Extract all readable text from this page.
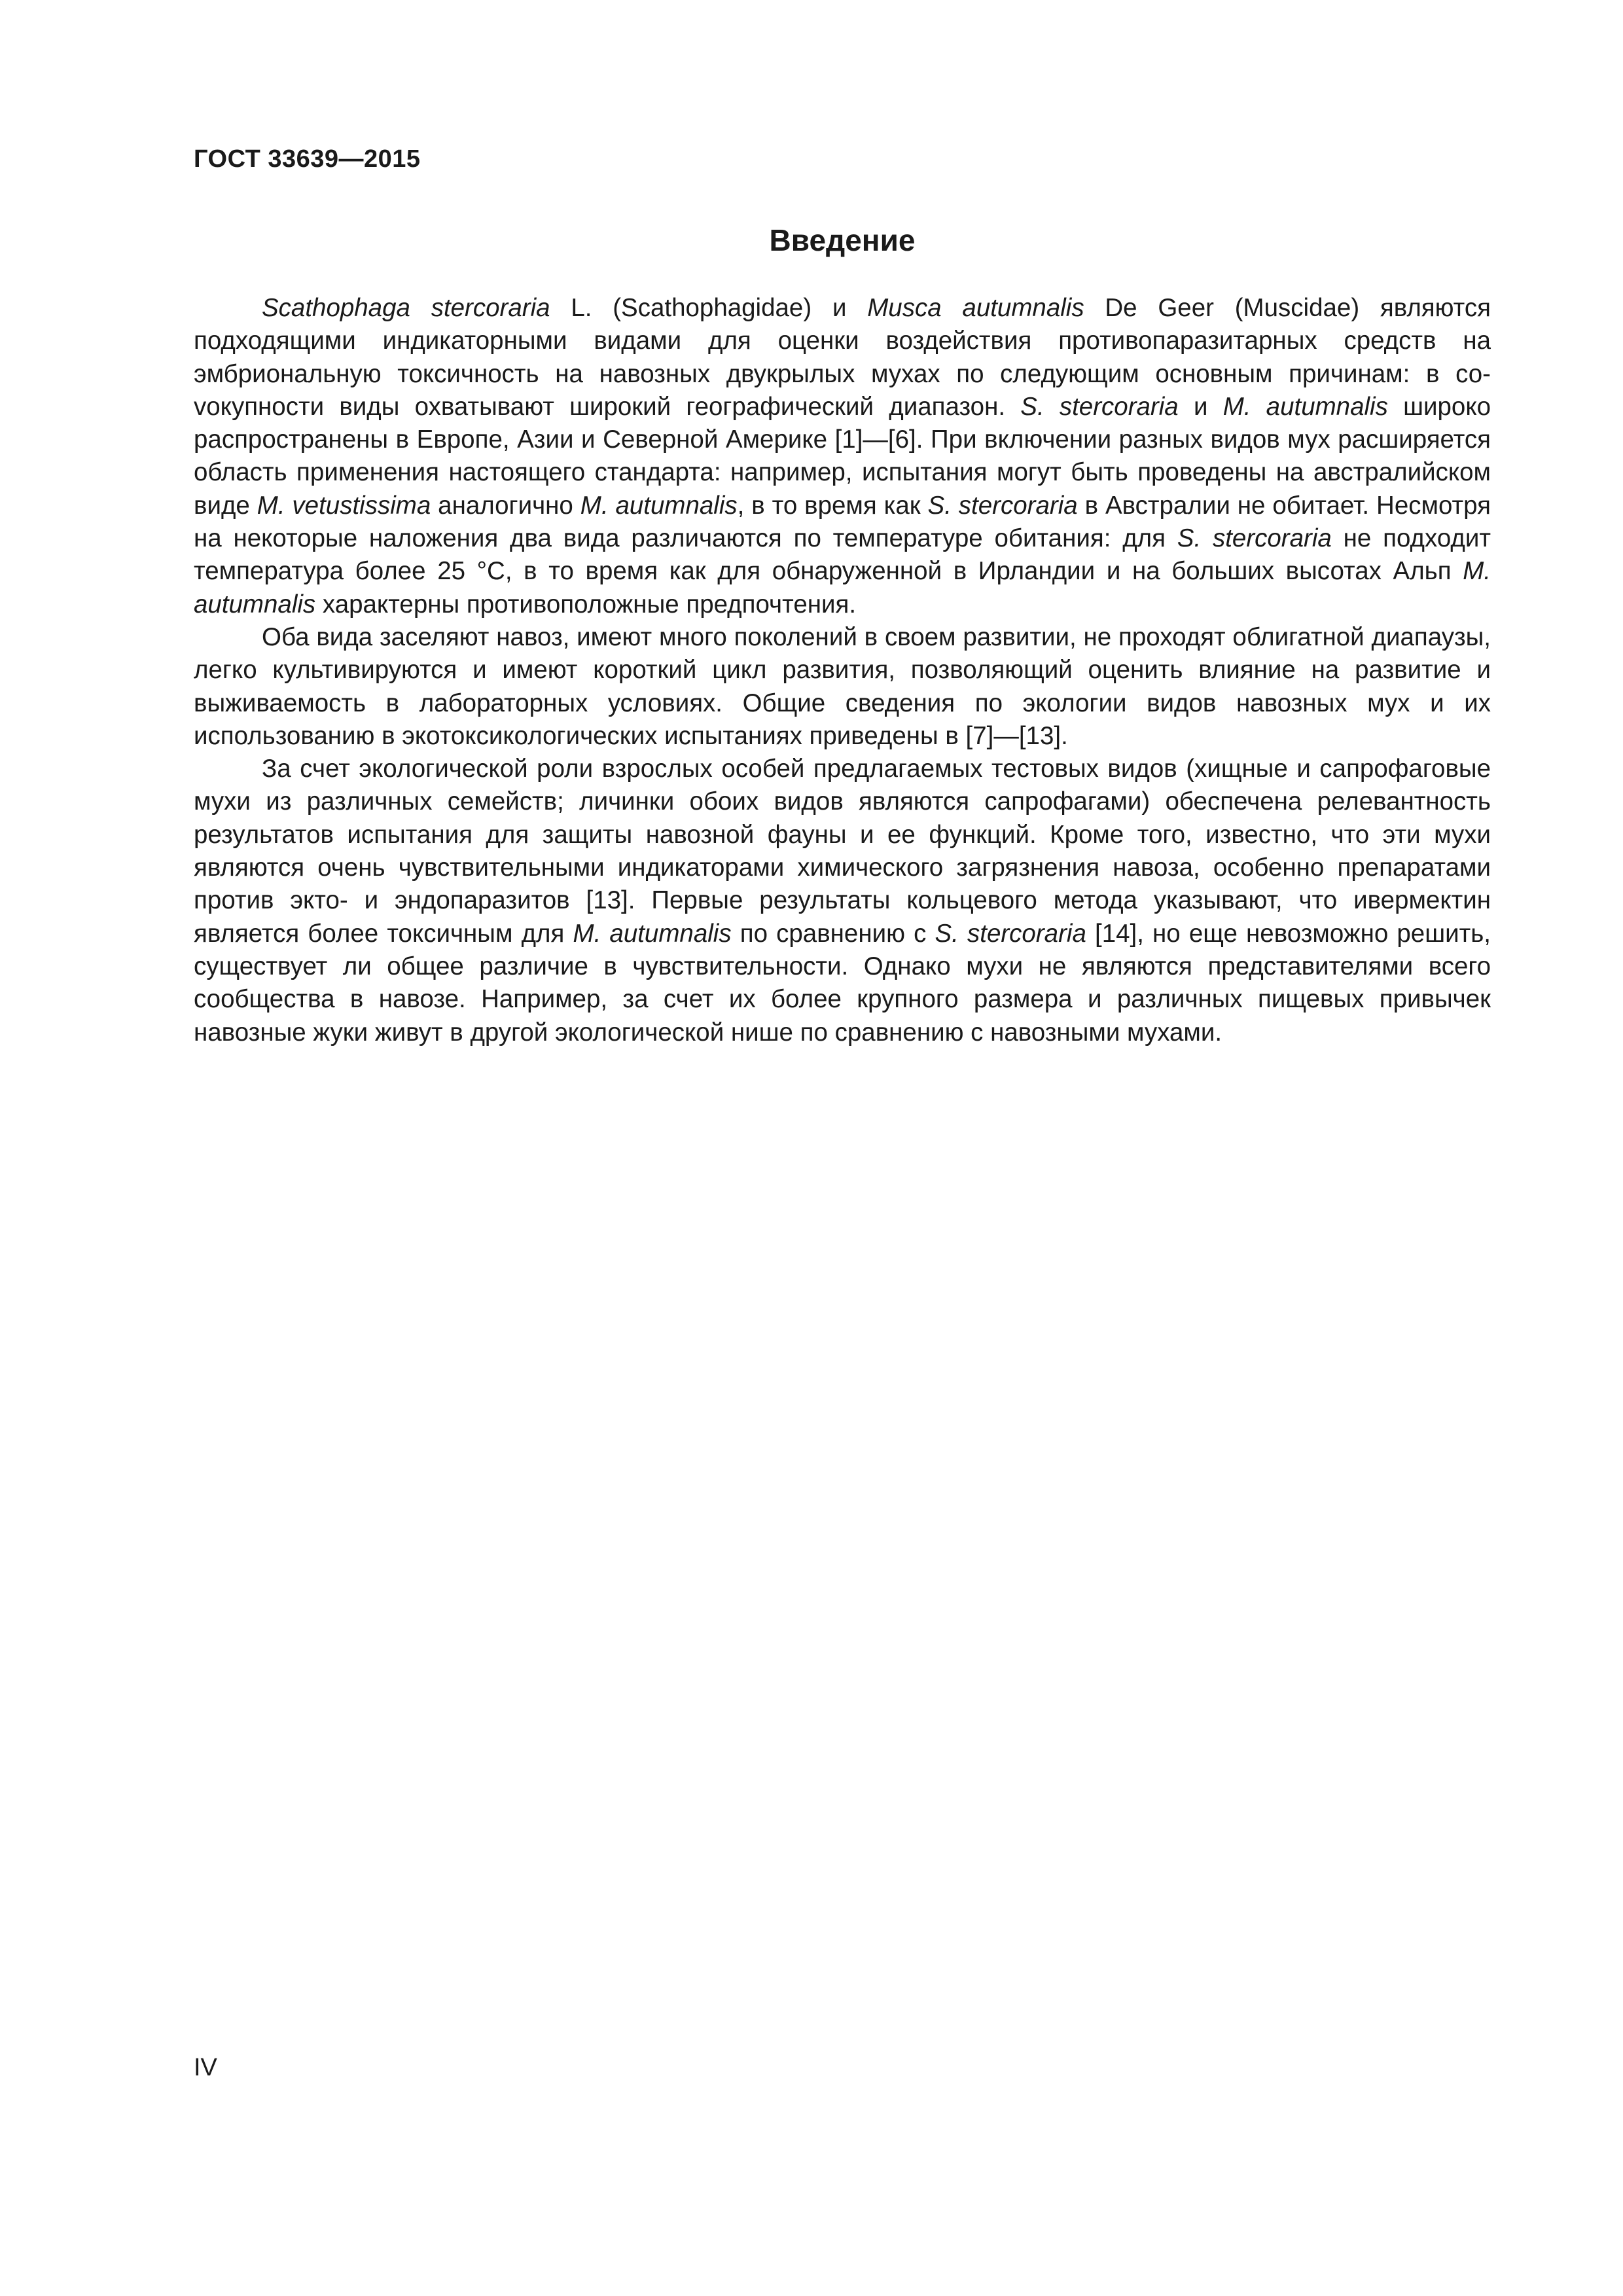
ГОСТ 33639—2015
Введение

Scathophaga stercoraria L. (Scathophagidae) и Musca autumnalis De Geer (Muscidae) являются подходящими индикаторными видами для оценки воздействия противопаразитарных средств на эмбриональную токсичность на навозных двукрылых мухах по следующим основным причинам: в соvокупности виды охватывают широкий географический диапазон. S. stercoraria и M. autumnalis широко распространены в Европе, Азии и Северной Америке [1]—[6]. При включении разных видов мух расширяется область применения настоящего стандарта: например, испытания могут быть проведены на австралийском виде M. vetustissima аналогично M. autumnalis, в то время как S. stercoraria в Австралии не обитает. Несмотря на некоторые наложения два вида различаются по температуре обитания: для S. stercoraria не подходит температура более 25 °С, в то время как для обнаруженной в Ирландии и на больших высотах Альп M. autumnalis характерны противоположные предпочтения.

Оба вида заселяют навоз, имеют много поколений в своем развитии, не проходят облигатной диапаузы, легко культивируются и имеют короткий цикл развития, позволяющий оценить влияние на развитие и выживаемость в лабораторных условиях. Общие сведения по экологии видов навозных мух и их использованию в экотоксикологических испытаниях приведены в [7]—[13].

За счет экологической роли взрослых особей предлагаемых тестовых видов (хищные и сапрофаговые мухи из различных семейств; личинки обоих видов являются сапрофагами) обеспечена релевантность результатов испытания для защиты навозной фауны и ее функций. Кроме того, известно, что эти мухи являются очень чувствительными индикаторами химического загрязнения навоза, особенно препаратами против экто- и эндопаразитов [13]. Первые результаты кольцевого метода указывают, что ивермектин является более токсичным для M. autumnalis по сравнению с S. stercoraria [14], но еще невозможно решить, существует ли общее различие в чувствительности. Однако мухи не являются представителями всего сообщества в навозе. Например, за счет их более крупного размера и различных пищевых привычек навозные жуки живут в другой экологической нише по сравнению с навозными мухами.

IV
